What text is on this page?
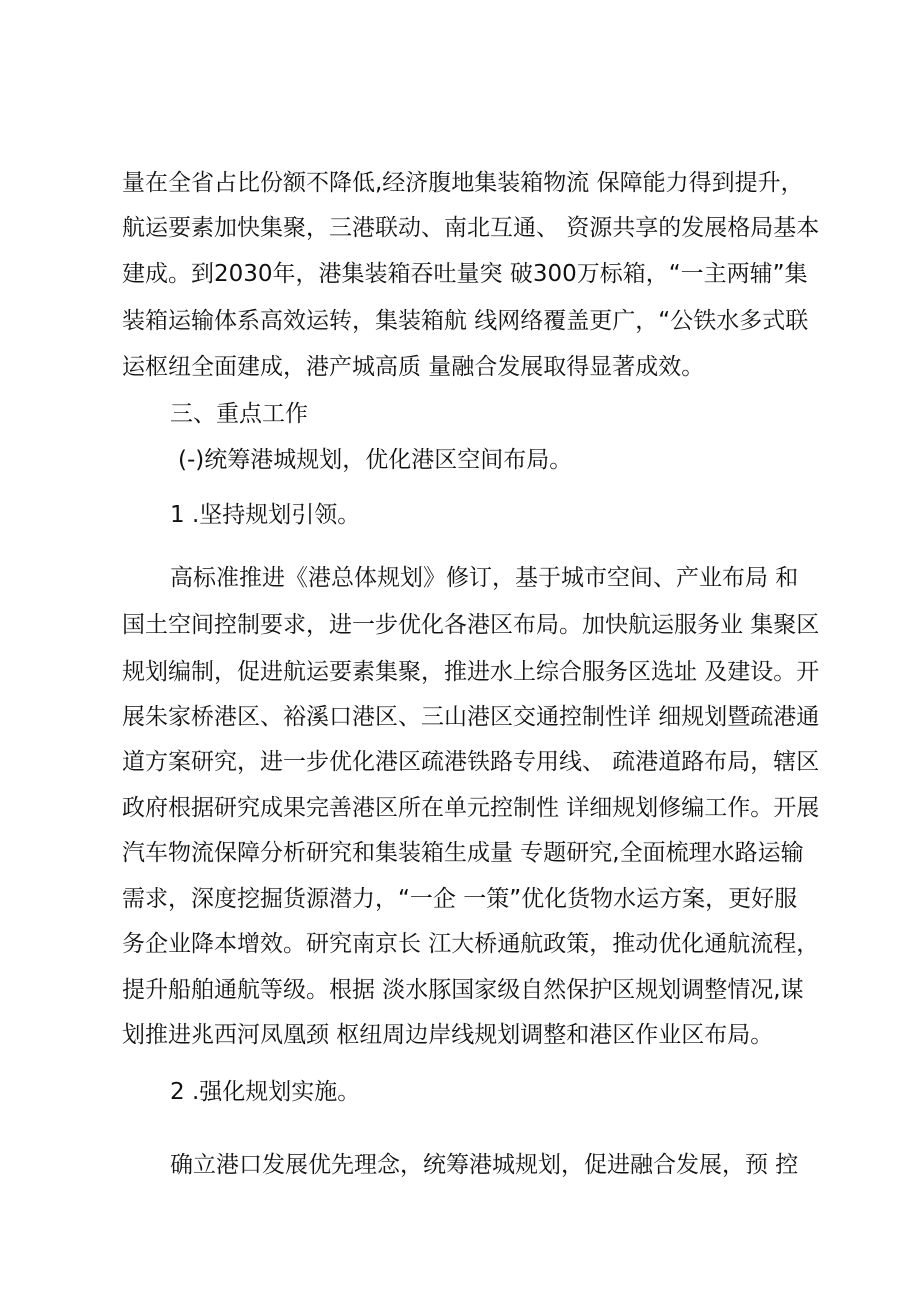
量在全省占比份额不降低,经济腹地集装箱物流 保障能力得到提升，
航运要素加快集聚，三港联动、南北互通、 资源共享的发展格局基本
建成。到2030年，港集装箱吞吐量突 破300万标箱，“一主两辅”集
装箱运输体系高效运转，集装箱航 线网络覆盖更广，“公铁水多式联
运枢纽全面建成，港产城高质 量融合发展取得显著成效。
三、重点工作
(-)统筹港城规划，优化港区空间布局。
1 .坚持规划引领。
高标准推进《港总体规划》修订，基于城市空间、产业布局 和
国土空间控制要求，进一步优化各港区布局。加快航运服务业 集聚区
规划编制，促进航运要素集聚，推进水上综合服务区选址 及建设。开
展朱家桥港区、裕溪口港区、三山港区交通控制性详 细规划暨疏港通
道方案研究，进一步优化港区疏港铁路专用线、 疏港道路布局，辖区
政府根据研究成果完善港区所在单元控制性 详细规划修编工作。开展
汽车物流保障分析研究和集装箱生成量 专题研究,全面梳理水路运输
需求，深度挖掘货源潜力，“一企 一策”优化货物水运方案，更好服
务企业降本增效。研究南京长 江大桥通航政策，推动优化通航流程，
提升船舶通航等级。根据 淡水豚国家级自然保护区规划调整情况,谋
划推进兆西河凤凰颈 枢纽周边岸线规划调整和港区作业区布局。
2 .强化规划实施。
确立港口发展优先理念，统筹港城规划，促进融合发展，预 控
